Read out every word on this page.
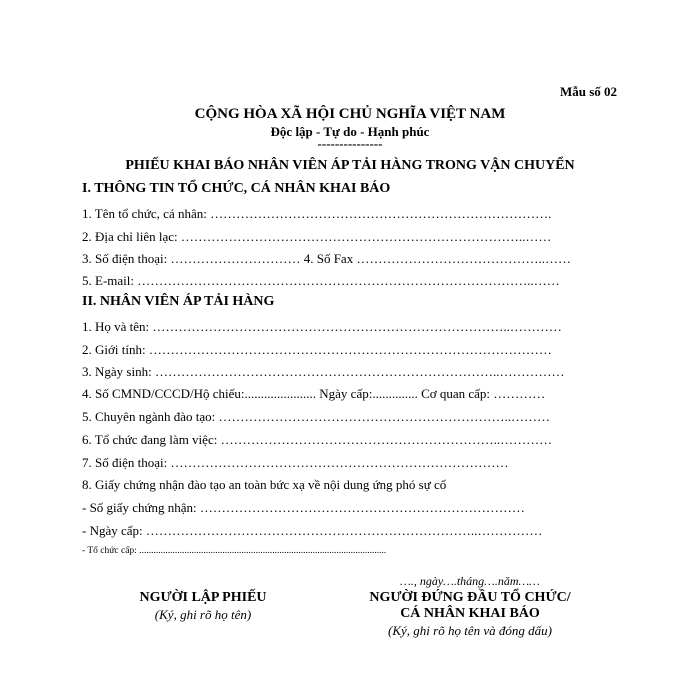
Mẫu số 02
CỘNG HÒA XÃ HỘI CHỦ NGHĨA VIỆT NAM
Độc lập - Tự do - Hạnh phúc
---------------
PHIẾU KHAI BÁO NHÂN VIÊN ÁP TẢI HÀNG TRONG VẬN CHUYỂN
I. THÔNG TIN TỔ CHỨC, CÁ NHÂN KHAI BÁO
1. Tên tổ chức, cá nhân: …………………………………………………………………….
2. Địa chỉ liên lạc: ……………………………………………………………………..……
3. Số điện thoại: ………………………… 4. Số Fax ……………………………………..……
5. E-mail: ………………………………………………………………………………..……
II. NHÂN VIÊN ÁP TẢI HÀNG
1. Họ và tên: ………………………………………………………………………..…………
2. Giới tính: …………………………………………………………………………………
3. Ngày sinh: ……………………………………………………………………..……………
4. Số CMND/CCCD/Hộ chiếu:...................... Ngày cấp:.............. Cơ quan cấp: …………
5. Chuyên ngành đào tạo: …………………………………………………………..………
6. Tổ chức đang làm việc: ………………………………………………………..…………
7. Số điện thoại: ……………………………………………………………………
8. Giấy chứng nhận đào tạo an toàn bức xạ về nội dung ứng phó sự cố
- Số giấy chứng nhận: …………………………………………………………………
- Ngày cấp: …………………………………………………………………..……………
- Tổ chức cấp: ........................................................................................................
NGƯỜI LẬP PHIẾU
(Ký, ghi rõ họ tên)
…., ngày….tháng….năm……
NGƯỜI ĐỨNG ĐẦU TỔ CHỨC/
CÁ NHÂN KHAI BÁO
(Ký, ghi rõ họ tên và đóng dấu)
